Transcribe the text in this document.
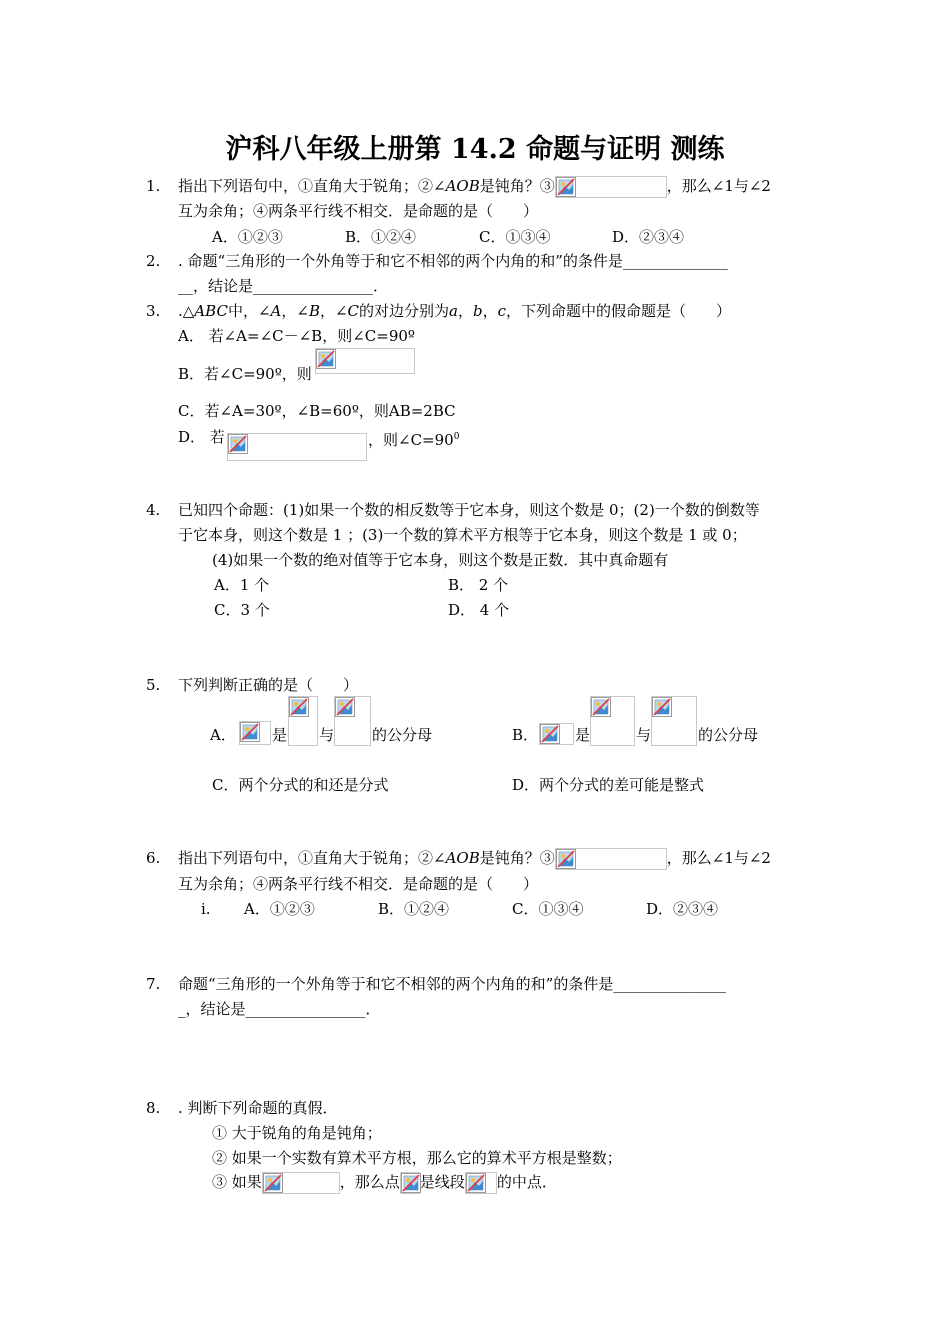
沪科八年级上册第 14.2 命题与证明 测练
1. 指出下列语句中，①直角大于锐角；②∠AOB是钝角？③	，那么∠1与∠2
互为余角；④两条平行线不相交．是命题的是（　　）
A．①②③	B．①②④	C．①③④	D．②③④
2. . 命题“三角形的一个外角等于和它不相邻的两个内角的和”的条件是______________
__，结论是________________．
3. .△ABC中，∠A，∠B，∠C的对边分别为a，b，c，下列命题中的假命题是（　　）
A． 若∠A=∠C－∠B，则∠C=90º
B．若∠C=90º，则
C．若∠A=30º，∠B=60º，则AB=2BC
D． 若	，则$\angle C=90^0$
4. 已知四个命题：(1)如果一个数的相反数等于它本身，则这个数是 0；(2)一个数的倒数等
于它本身，则这个数是 1 ；(3)一个数的算术平方根等于它本身，则这个数是 1 或 0；
(4)如果一个数的绝对值等于它本身，则这个数是正数．其中真命题有
A．1 个	B． 2 个
C．3 个	D． 4 个
5. 下列判断正确的是（　　）
A． 是 与	的公分母	B． 是	与	的公分母
C．两个分式的和还是分式	D．两个分式的差可能是整式
6. 指出下列语句中，①直角大于锐角；②∠AOB是钝角？③	，那么∠1与∠2
互为余角；④两条平行线不相交．是命题的是（　　）
i. A．①②③	B．①②④	C．①③④	D．②③④
7. 命题“三角形的一个外角等于和它不相邻的两个内角的和”的条件是_______________
_，结论是________________．
8. . 判断下列命题的真假．
① 大于锐角的角是钝角；
② 如果一个实数有算术平方根，那么它的算术平方根是整数；
③ 如果	，那么点 是线段 的中点．
